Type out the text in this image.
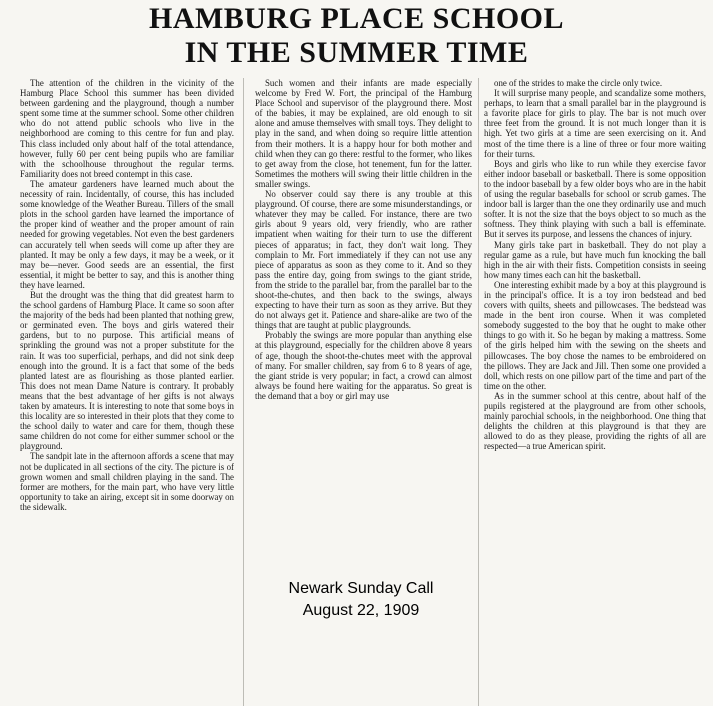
HAMBURG PLACE SCHOOL
IN THE SUMMER TIME

The attention of the children in the vicinity of the Hamburg Place School this summer has been divided between gardening and the playground, though a number spent some time at the summer school. Some other children who do not attend public schools who live in the neighborhood are coming to this centre for fun and play. This class included only about half of the total attendance, however, fully 60 per cent being pupils who are familiar with the schoolhouse throughout the regular terms. Familiarity does not breed contempt in this case.

The amateur gardeners have learned much about the necessity of rain. Incidentally, of course, this has included some knowledge of the Weather Bureau. Tillers of the small plots in the school garden have learned the importance of the proper kind of weather and the proper amount of rain needed for growing vegetables. Not even the best gardeners can accurately tell when seeds will come up after they are planted. It may be only a few days, it may be a week, or it may be—never. Good seeds are an essential, the first essential, it might be better to say, and this is another thing they have learned.

But the drought was the thing that did greatest harm to the school gardens of Hamburg Place. It came so soon after the majority of the beds had been planted that nothing grew, or germinated even. The boys and girls watered their gardens, but to no purpose. This artificial means of sprinkling the ground was not a proper substitute for the rain. It was too superficial, perhaps, and did not sink deep enough into the ground. It is a fact that some of the beds planted latest are as flourishing as those planted earlier. This does not mean Dame Nature is contrary. It probably means that the best advantage of her gifts is not always taken by amateurs. It is interesting to note that some boys in this locality are so interested in their plots that they come to the school daily to water and care for them, though these same children do not come for either summer school or the playground.

The sandpit late in the afternoon affords a scene that may not be duplicated in all sections of the city. The picture is of grown women and small children playing in the sand. The former are mothers, for the main part, who have very little opportunity to take an airing, except sit in some doorway on the sidewalk.

Such women and their infants are made especially welcome by Fred W. Fort, the principal of the Hamburg Place School and supervisor of the playground there. Most of the babies, it may be explained, are old enough to sit alone and amuse themselves with small toys. They delight to play in the sand, and when doing so require little attention from their mothers. It is a happy hour for both mother and child when they can go there: restful to the former, who likes to get away from the close, hot tenement, fun for the latter. Sometimes the mothers will swing their little children in the smaller swings.

No observer could say there is any trouble at this playground. Of course, there are some misunderstandings, or whatever they may be called. For instance, there are two girls about 9 years old, very friendly, who are rather impatient when waiting for their turn to use the different pieces of apparatus; in fact, they don't wait long. They complain to Mr. Fort immediately if they can not use any piece of apparatus as soon as they come to it. And so they pass the entire day, going from swings to the giant stride, from the stride to the parallel bar, from the parallel bar to the shoot-the-chutes, and then back to the swings, always expecting to have their turn as soon as they arrive. But they do not always get it. Patience and share-alike are two of the things that are taught at public playgrounds.

Probably the swings are more popular than anything else at this playground, especially for the children above 8 years of age, though the shoot-the-chutes meet with the approval of many. For smaller children, say from 6 to 8 years of age, the giant stride is very popular; in fact, a crowd can almost always be found here waiting for the apparatus. So great is the demand that a boy or girl may use

one of the strides to make the circle only twice.

It will surprise many people, and scandalize some mothers, perhaps, to learn that a small parallel bar in the playground is a favorite place for girls to play. The bar is not much over three feet from the ground. It is not much longer than it is high. Yet two girls at a time are seen exercising on it. And most of the time there is a line of three or four more waiting for their turns.

Boys and girls who like to run while they exercise favor either indoor baseball or basketball. There is some opposition to the indoor baseball by a few older boys who are in the habit of using the regular baseballs for school or scrub games. The indoor ball is larger than the one they ordinarily use and much softer. It is not the size that the boys object to so much as the softness. They think playing with such a ball is effeminate. But it serves its purpose, and lessens the chances of injury.

Many girls take part in basketball. They do not play a regular game as a rule, but have much fun knocking the ball high in the air with their fists. Competition consists in seeing how many times each can hit the basketball.

One interesting exhibit made by a boy at this playground is in the principal's office. It is a toy iron bedstead and bed covers with quilts, sheets and pillowcases. The bedstead was made in the bent iron course. When it was completed somebody suggested to the boy that he ought to make other things to go with it. So he began by making a mattress. Some of the girls helped him with the sewing on the sheets and pillowcases. The boy chose the names to be embroidered on the pillows. They are Jack and Jill. Then some one provided a doll, which rests on one pillow part of the time and part of the time on the other.

As in the summer school at this centre, about half of the pupils registered at the playground are from other schools, mainly parochial schools, in the neighborhood. One thing that delights the children at this playground is that they are allowed to do as they please, providing the rights of all are respected—a true American spirit.

Newark Sunday Call
August 22, 1909
